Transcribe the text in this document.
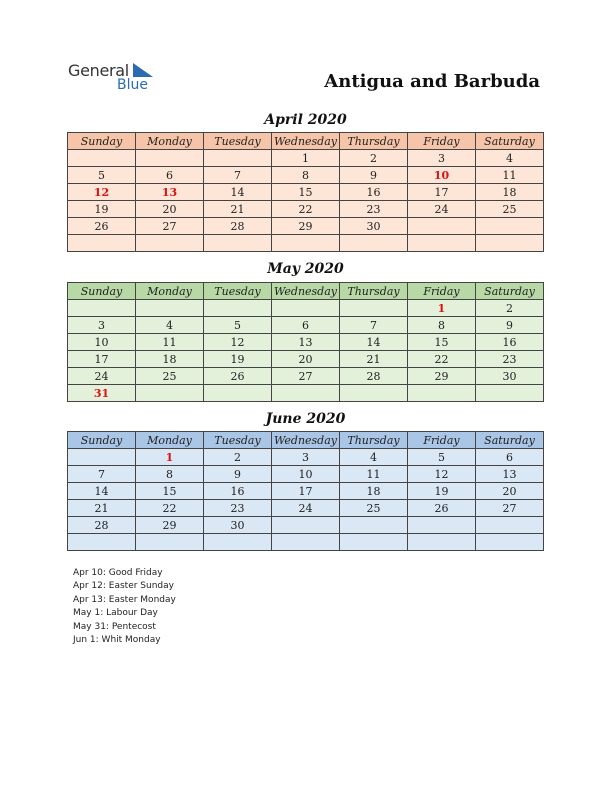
General
Blue	Antigua and Barbuda
April 2020
Sunday	Monday	Tuesday	Wednesday	Thursday	Friday	Saturday
			1	2	3	4
5	6	7	8	9	10	11
12	13	14	15	16	17	18
19	20	21	22	23	24	25
26	27	28	29	30		

May 2020
Sunday	Monday	Tuesday	Wednesday	Thursday	Friday	Saturday
					1	2
3	4	5	6	7	8	9
10	11	12	13	14	15	16
17	18	19	20	21	22	23
24	25	26	27	28	29	30
31						
June 2020
Sunday	Monday	Tuesday	Wednesday	Thursday	Friday	Saturday
	1	2	3	4	5	6
7	8	9	10	11	12	13
14	15	16	17	18	19	20
21	22	23	24	25	26	27
28	29	30				

Apr 10: Good Friday
Apr 12: Easter Sunday
Apr 13: Easter Monday
May 1: Labour Day
May 31: Pentecost
Jun 1: Whit Monday
